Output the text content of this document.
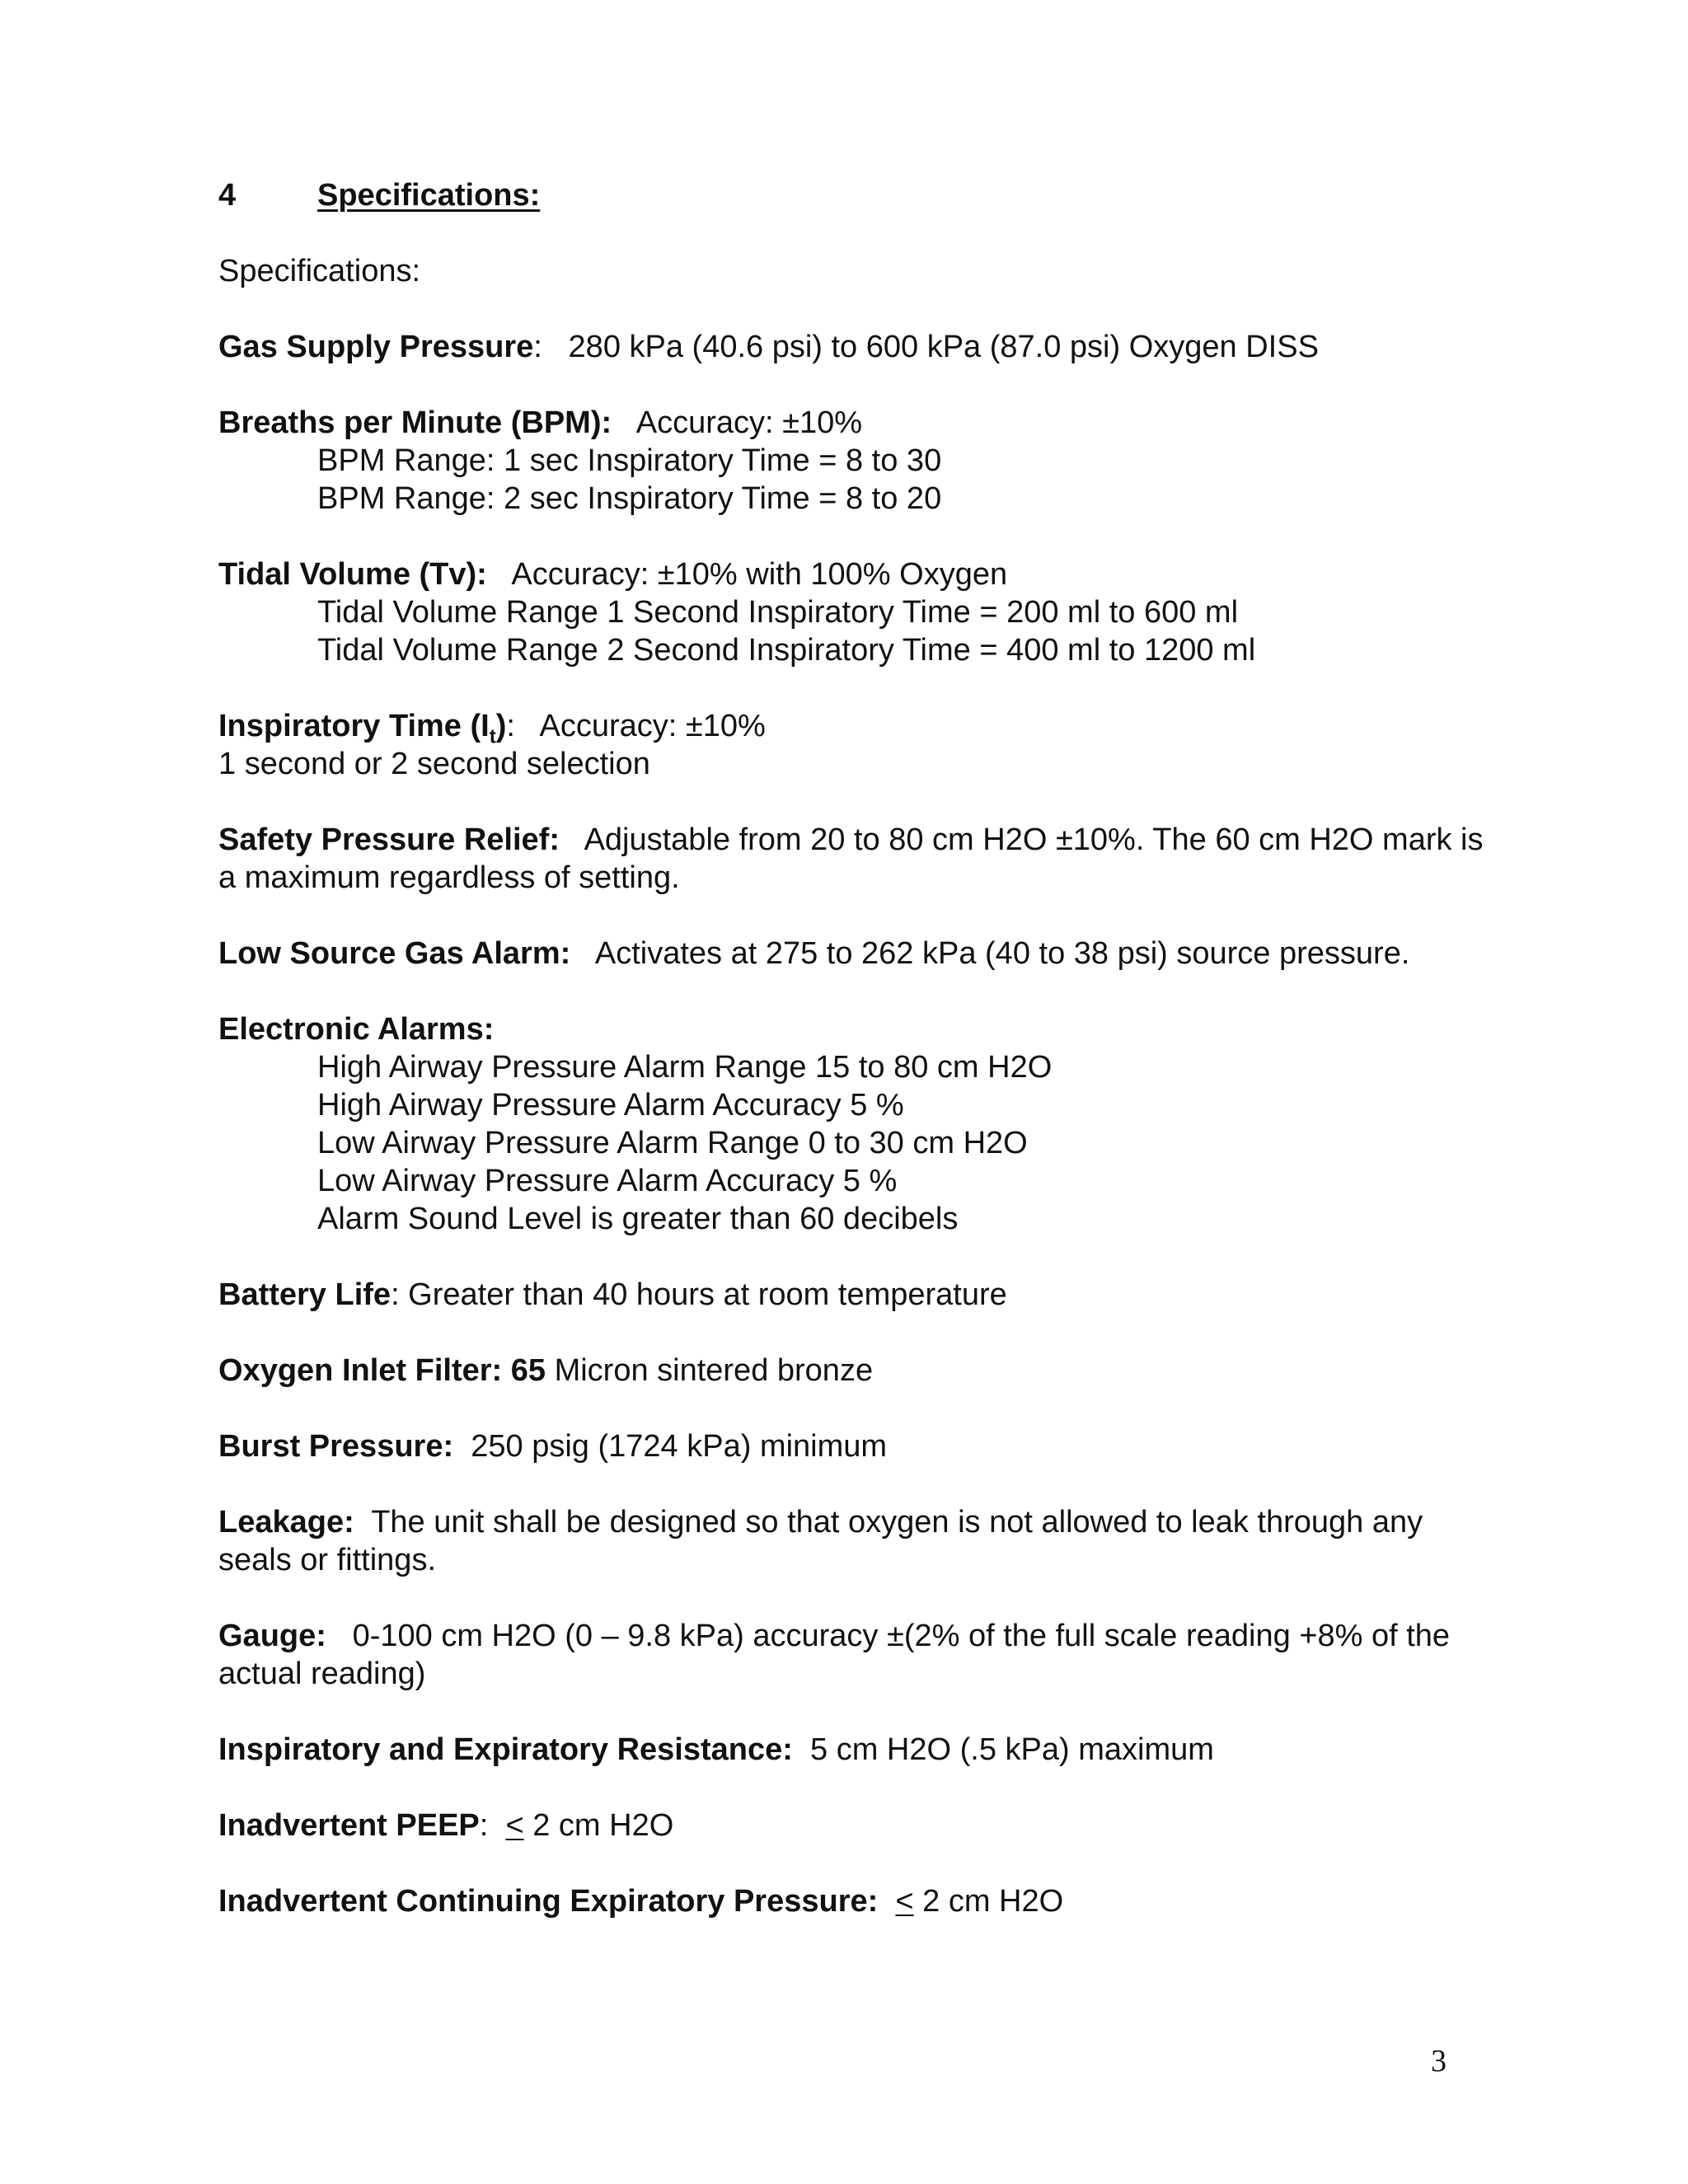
4	Specifications:
Specifications:
Gas Supply Pressure: 280 kPa (40.6 psi) to 600 kPa (87.0 psi) Oxygen DISS
Breaths per Minute (BPM): Accuracy: ±10%
BPM Range: 1 sec Inspiratory Time = 8 to 30
BPM Range: 2 sec Inspiratory Time = 8 to 20
Tidal Volume (Tv): Accuracy: ±10% with 100% Oxygen
Tidal Volume Range 1 Second Inspiratory Time = 200 ml to 600 ml
Tidal Volume Range 2 Second Inspiratory Time = 400 ml to 1200 ml
Inspiratory Time $(I_t)$: Accuracy: ±10%
1 second or 2 second selection
Safety Pressure Relief: Adjustable from 20 to 80 cm H2O ±10%. The 60 cm H2O mark is a maximum regardless of setting.
Low Source Gas Alarm: Activates at 275 to 262 kPa (40 to 38 psi) source pressure.
Electronic Alarms:
High Airway Pressure Alarm Range 15 to 80 cm H2O
High Airway Pressure Alarm Accuracy 5 %
Low Airway Pressure Alarm Range 0 to 30 cm H2O
Low Airway Pressure Alarm Accuracy 5 %
Alarm Sound Level is greater than 60 decibels
Battery Life: Greater than 40 hours at room temperature
Oxygen Inlet Filter: 65 Micron sintered bronze
Burst Pressure: 250 psig (1724 kPa) minimum
Leakage: The unit shall be designed so that oxygen is not allowed to leak through any seals or fittings.
Gauge: 0-100 cm H2O (0 – 9.8 kPa) accuracy ±(2% of the full scale reading +8% of the actual reading)
Inspiratory and Expiratory Resistance: 5 cm H2O (.5 kPa) maximum
Inadvertent PEEP: < 2 cm H2O
Inadvertent Continuing Expiratory Pressure: < 2 cm H2O
3
